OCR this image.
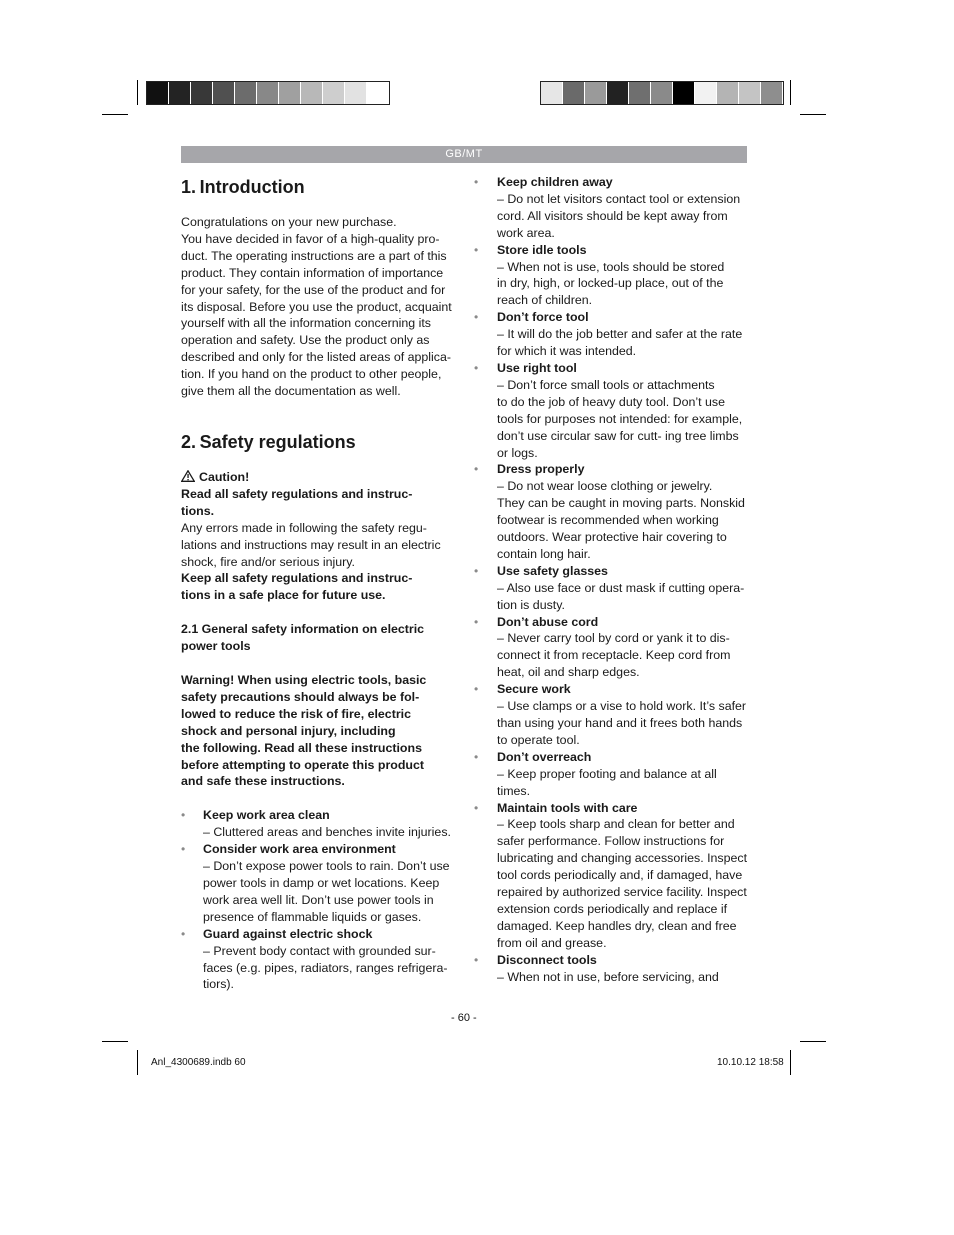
GB/MT
1. Introduction
Congratulations on your new purchase.
You have decided in favor of a high-quality pro-
duct. The operating instructions are a part of this
product. They contain information of importance
for your safety, for the use of the product and for
its disposal. Before you use the product, acquaint
yourself with all the information concerning its
operation and safety. Use the product only as
described and only for the listed areas of applica-
tion. If you hand on the product to other people,
give them all the documentation as well.
2. Safety regulations

Caution!

Read all safety regulations and instruc-
tions.
Any errors made in following the safety regu-
lations and instructions may result in an electric
shock, fire and/or serious injury.
Keep all safety regulations and instruc-
tions in a safe place for future use.
2.1 General safety information on electric
power tools
Warning! When using electric tools, basic
safety precautions should always be fol-
lowed to reduce the risk of fire, electric
shock and personal injury, including
the following. Read all these instructions
before attempting to operate this product
and safe these instructions.
• Keep work area clean
– Cluttered areas and benches invite injuries.
• Consider work area environment
– Don’t expose power tools to rain. Don’t use
power tools in damp or wet locations. Keep
work area well lit. Don’t use power tools in
presence of flammable liquids or gases.
• Guard against electric shock
– Prevent body contact with grounded sur-
faces (e.g. pipes, radiators, ranges refrigera-
tiors).
• Keep children away
– Do not let visitors contact tool or extension
cord. All visitors should be kept away from
work area.
• Store idle tools
– When not is use, tools should be stored
in dry, high, or locked-up place, out of the
reach of children.
• Don’t force tool
– It will do the job better and safer at the rate
for which it was intended.
• Use right tool
– Don’t force small tools or attachments
to do the job of heavy duty tool. Don’t use
tools for purposes not intended: for example,
don’t use circular saw for cutt- ing tree limbs
or logs.
• Dress properly
– Do not wear loose clothing or jewelry.
They can be caught in moving parts. Nonskid
footwear is recommended when working
outdoors. Wear protective hair covering to
contain long hair.
• Use safety glasses
– Also use face or dust mask if cutting opera-
tion is dusty.
• Don’t abuse cord
– Never carry tool by cord or yank it to dis-
connect it from receptacle. Keep cord from
heat, oil and sharp edges.
• Secure work
– Use clamps or a vise to hold work. It’s safer
than using your hand and it frees both hands
to operate tool.
• Don’t overreach
– Keep proper footing and balance at all
times.
• Maintain tools with care
– Keep tools sharp and clean for better and
safer performance. Follow instructions for
lubricating and changing accessories. Inspect
tool cords periodically and, if damaged, have
repaired by authorized service facility. Inspect
extension cords periodically and replace if
damaged. Keep handles dry, clean and free
from oil and grease.
• Disconnect tools
– When not in use, before servicing, and
- 60 -
Anl_4300689.indb 60	10.10.12 18:58
